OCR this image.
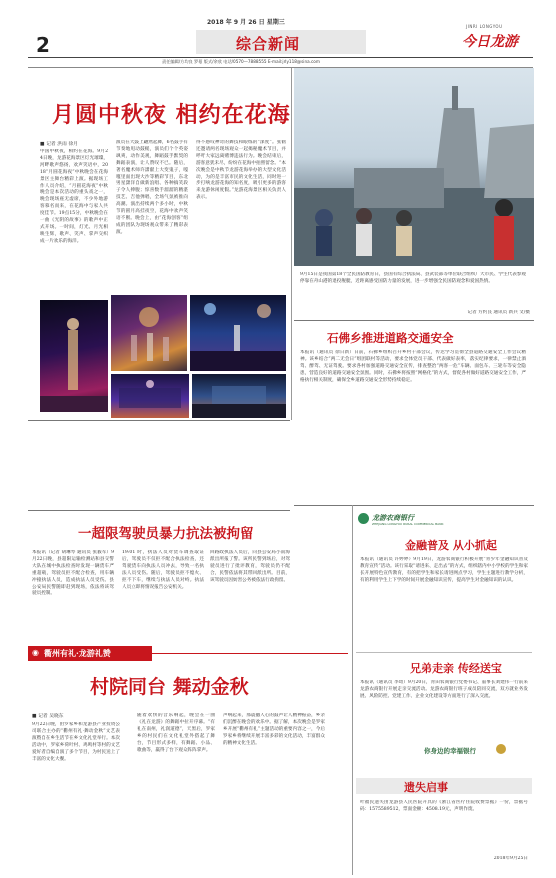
2
2018 年 9 月 26 日 星期三
综合新闻
JINRI LONGYOU
今日龙游
责任编辑/方均良 罗蔓 版式/余欣 电话/0570—7888555 E-mail:jrly118@sina.com
月圆中秋夜 相约在花海
■ 记者 洪雨 徐月
中国中秋夜，相约在花海。9月24日晚，龙游花海景区灯光璀璨，河畔歌声悠扬，欢声笑语中，2018“月圆花海夜”中秋晚会在花海景区主舞台精彩上演。据现场工作人员介绍，“月圆花海夜”中秋晚会是本次活动的重头戏之一，晚会现场座无虚席，不少外地游客慕名而来，在花海中与家人共度佳节。19点15分，中秋晚会在一曲《光阴的故事》的歌声中正式开场。一时间，灯光、月光相映生辉，歌声、笑声、掌声交织成一片欢乐的海洋。
演员在大鼓上翩然起舞，6名鼓手有节奏地甩动鼓槌，演员们个个英姿飒爽，动作美观，舞蹈鼓手默契的舞蹈表演，让人赞叹不已。随后，著名魔术师许潇献上大变鬼子，嘎嘎里面出现大沙等精彩节目，东北男星潇洋自做新浪唱、各种搞笑段子令人捧腹；惊喜数手溜溜的精湛技艺、吉他弹唱，全场气氛被推向高潮。演出持续两个多小时，中秋节的圆月高挂夜空，花海中欢声笑语不断。晚会上，由“花海创客”组成的团队为现场观众带来了精彩表演。
得不感叹神奇的舞技和眼练的“深度”。张鹤还邀请两名现场观众一起揭秘魔术节目，并呼吁大家远离赌博违法行为。晚会结束后，游客意犹未尽，纷纷在花海中拍照留念。“本次晚会是中秋节龙游花海举办的大型文化活动，为的是丰富市民的文化生活，同时进一步打响龙游花海的知名度，吸引更多的游客来龙游休闲度假。”龙游花海景区相关负责人表示。
9月15日是我国第18个全民国防教育日，县国有综合执法局、县武装部等单位联合组织广大市民、学生代表参观停靠在舟山港的退役舰艇，近距离感受国防力量的发展，进一步增强全民国防观念和爱国热情。
记者 方约良 通讯员 新兵 文/摄
石佛乡推进道路交通安全
本报讯（通讯员 徐日新）日前，石佛乡组织召开乡村干部会议，传达学习贯彻全县道路交通安全工作会议精神。该乡结合“两二无会日”组团联村等活动，要求全体党员干部、代表做好表率，落实纪律要求，一律禁止酒驾、醉驾、无证驾驶。要求各村加强道路交通安全宣传，排查整治“两客一危”车辆、面包车、三轮车等安全隐患，营造良好的道路交通安全氛围。同时，石佛乡将按照“网格化”的方式，督促各村做好道路交通安全工作，严格执行相关制度，确保全乡道路交通安全形势持续稳定。
一超限驾驶员暴力抗法被拘留
本报讯（记者 胡琳琴 通讯员 张毅军）9月22日晚，县超限运输检测站和县交警大队在城中执法检查时发现一辆货车严重超载，驾驶员拒不配合检查，用车辆冲撞执法人员，造成执法人员受伤。县公安局民警随即赶到现场，依法将该驾驶员控制。
19:01 时，执法人员对货车调查取证后，驾驶员不仅拒不配合执法检查，还驾驶货车向执法人员冲去，导致一名执法人员受伤。随后，驾驶员拒不熄火、拒不下车，继续与执法人员对峙。执法人员立即将情况报告公安机关。
回路政执法人员后，向县公安局小南海派出所报了警。该所民警到场后，对驾驶员进行了批评教育，驾驶员仍不配合，民警依法将其带回派出所。目前，该驾驶员因妨害公务被依法行政拘留。
龙游农商银行
ZHEJIANG LONGYOU RURAL COMMERCIAL BANK
金融普及 从小抓起
本报讯（通讯员 许婷婷）9月19日，龙游农商银行积极开展“青少年金融知识普及教育宣传”活动。该行采取“请进来、走出去”的方式，组织辖内中小学校的学生和家长开展特色宣传教育，有的把学生和家长请进网点学习，学生主题进行教学分析，有的利用学生上下学的时间开展金融知识宣传，提高学生对金融知识的认识。
兄弟走亲 传经送宝
本报讯（通讯员 李琦）9月20日，青田农商银行党委书记、董事长刘建伟一行前来龙游农商银行开展走亲交流活动。龙游农商银行班子成员陪同交流，双方就业务发展、风险防控、党建工作、企业文化建设等方面进行了深入交流。
你身边的幸福银行
◉ 衢州有礼·龙游礼赞
村院同台 舞动金秋
■ 记者 吴晓东
9月22日晚，由罗家乡和龙游县产业投资公司联合主办的“衢州有礼·舞动金秋”文艺表演暨自在乡生活节在乡文化礼堂举行。本次活动中，罗家乡荷叶村、鸡鸣村等村的文艺爱好者自编自演了多个节目，为村民送上了丰富的文化大餐。
随着欢快的音乐响起，晚会在一曲《礼在龙游》的舞蹈中拉开序幕。“有礼在南州，礼润道德”，天黑后，罗家乡的村民们在文化礼堂外搭起了舞台，节目形式多样，有舞蹈、小品、歌曲等，赢得了台下观众阵阵掌声。
声响起来，那震撼人心的鼓声让人精神振奋，乡亲们沉醉在晚会的欢乐中。据了解，本次晚会是罗家乡开展“衢州有礼”主题活动的重要内容之一，今后罗家乡将继续开展丰富多彩的文化活动，丰富群众的精神文化生活。
遗失启事
叶福民遗失由龙游县人民医院开具的《浙江省医疗住院收费票据》一份，票据号码：1575589512，票面金额：4508.19元，声明作废。
2018年9月25日
